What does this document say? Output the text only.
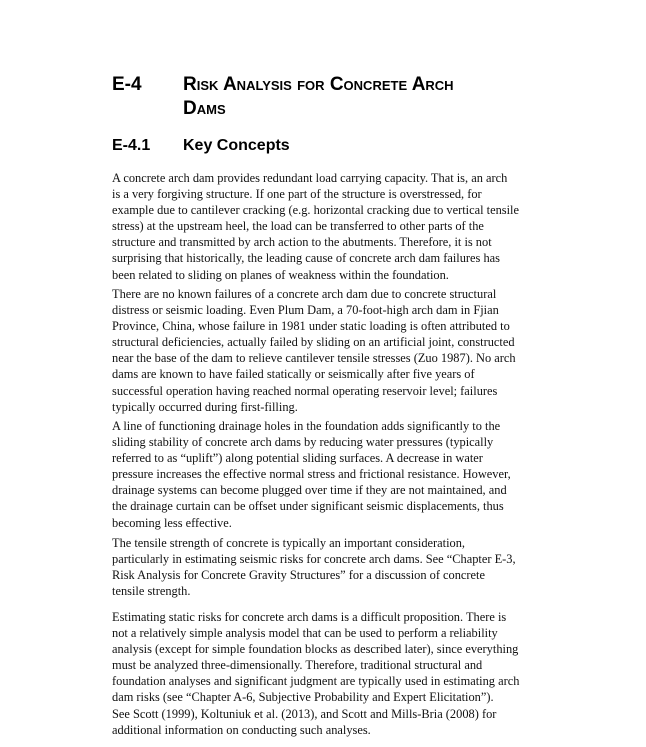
E-4 Risk Analysis for Concrete Arch
Dams
E-4.1 Key Concepts
A concrete arch dam provides redundant load carrying capacity. That is, an arch
is a very forgiving structure. If one part of the structure is overstressed, for
example due to cantilever cracking (e.g. horizontal cracking due to vertical tensile
stress) at the upstream heel, the load can be transferred to other parts of the
structure and transmitted by arch action to the abutments. Therefore, it is not
surprising that historically, the leading cause of concrete arch dam failures has
been related to sliding on planes of weakness within the foundation.
There are no known failures of a concrete arch dam due to concrete structural
distress or seismic loading. Even Plum Dam, a 70-foot-high arch dam in Fjian
Province, China, whose failure in 1981 under static loading is often attributed to
structural deficiencies, actually failed by sliding on an artificial joint, constructed
near the base of the dam to relieve cantilever tensile stresses (Zuo 1987). No arch
dams are known to have failed statically or seismically after five years of
successful operation having reached normal operating reservoir level; failures
typically occurred during first-filling.
A line of functioning drainage holes in the foundation adds significantly to the
sliding stability of concrete arch dams by reducing water pressures (typically
referred to as “uplift”) along potential sliding surfaces. A decrease in water
pressure increases the effective normal stress and frictional resistance. However,
drainage systems can become plugged over time if they are not maintained, and
the drainage curtain can be offset under significant seismic displacements, thus
becoming less effective.
The tensile strength of concrete is typically an important consideration,
particularly in estimating seismic risks for concrete arch dams. See “Chapter E-3,
Risk Analysis for Concrete Gravity Structures” for a discussion of concrete
tensile strength.
Estimating static risks for concrete arch dams is a difficult proposition. There is
not a relatively simple analysis model that can be used to perform a reliability
analysis (except for simple foundation blocks as described later), since everything
must be analyzed three-dimensionally. Therefore, traditional structural and
foundation analyses and significant judgment are typically used in estimating arch
dam risks (see “Chapter A-6, Subjective Probability and Expert Elicitation”).
See Scott (1999), Koltuniuk et al. (2013), and Scott and Mills-Bria (2008) for
additional information on conducting such analyses.
